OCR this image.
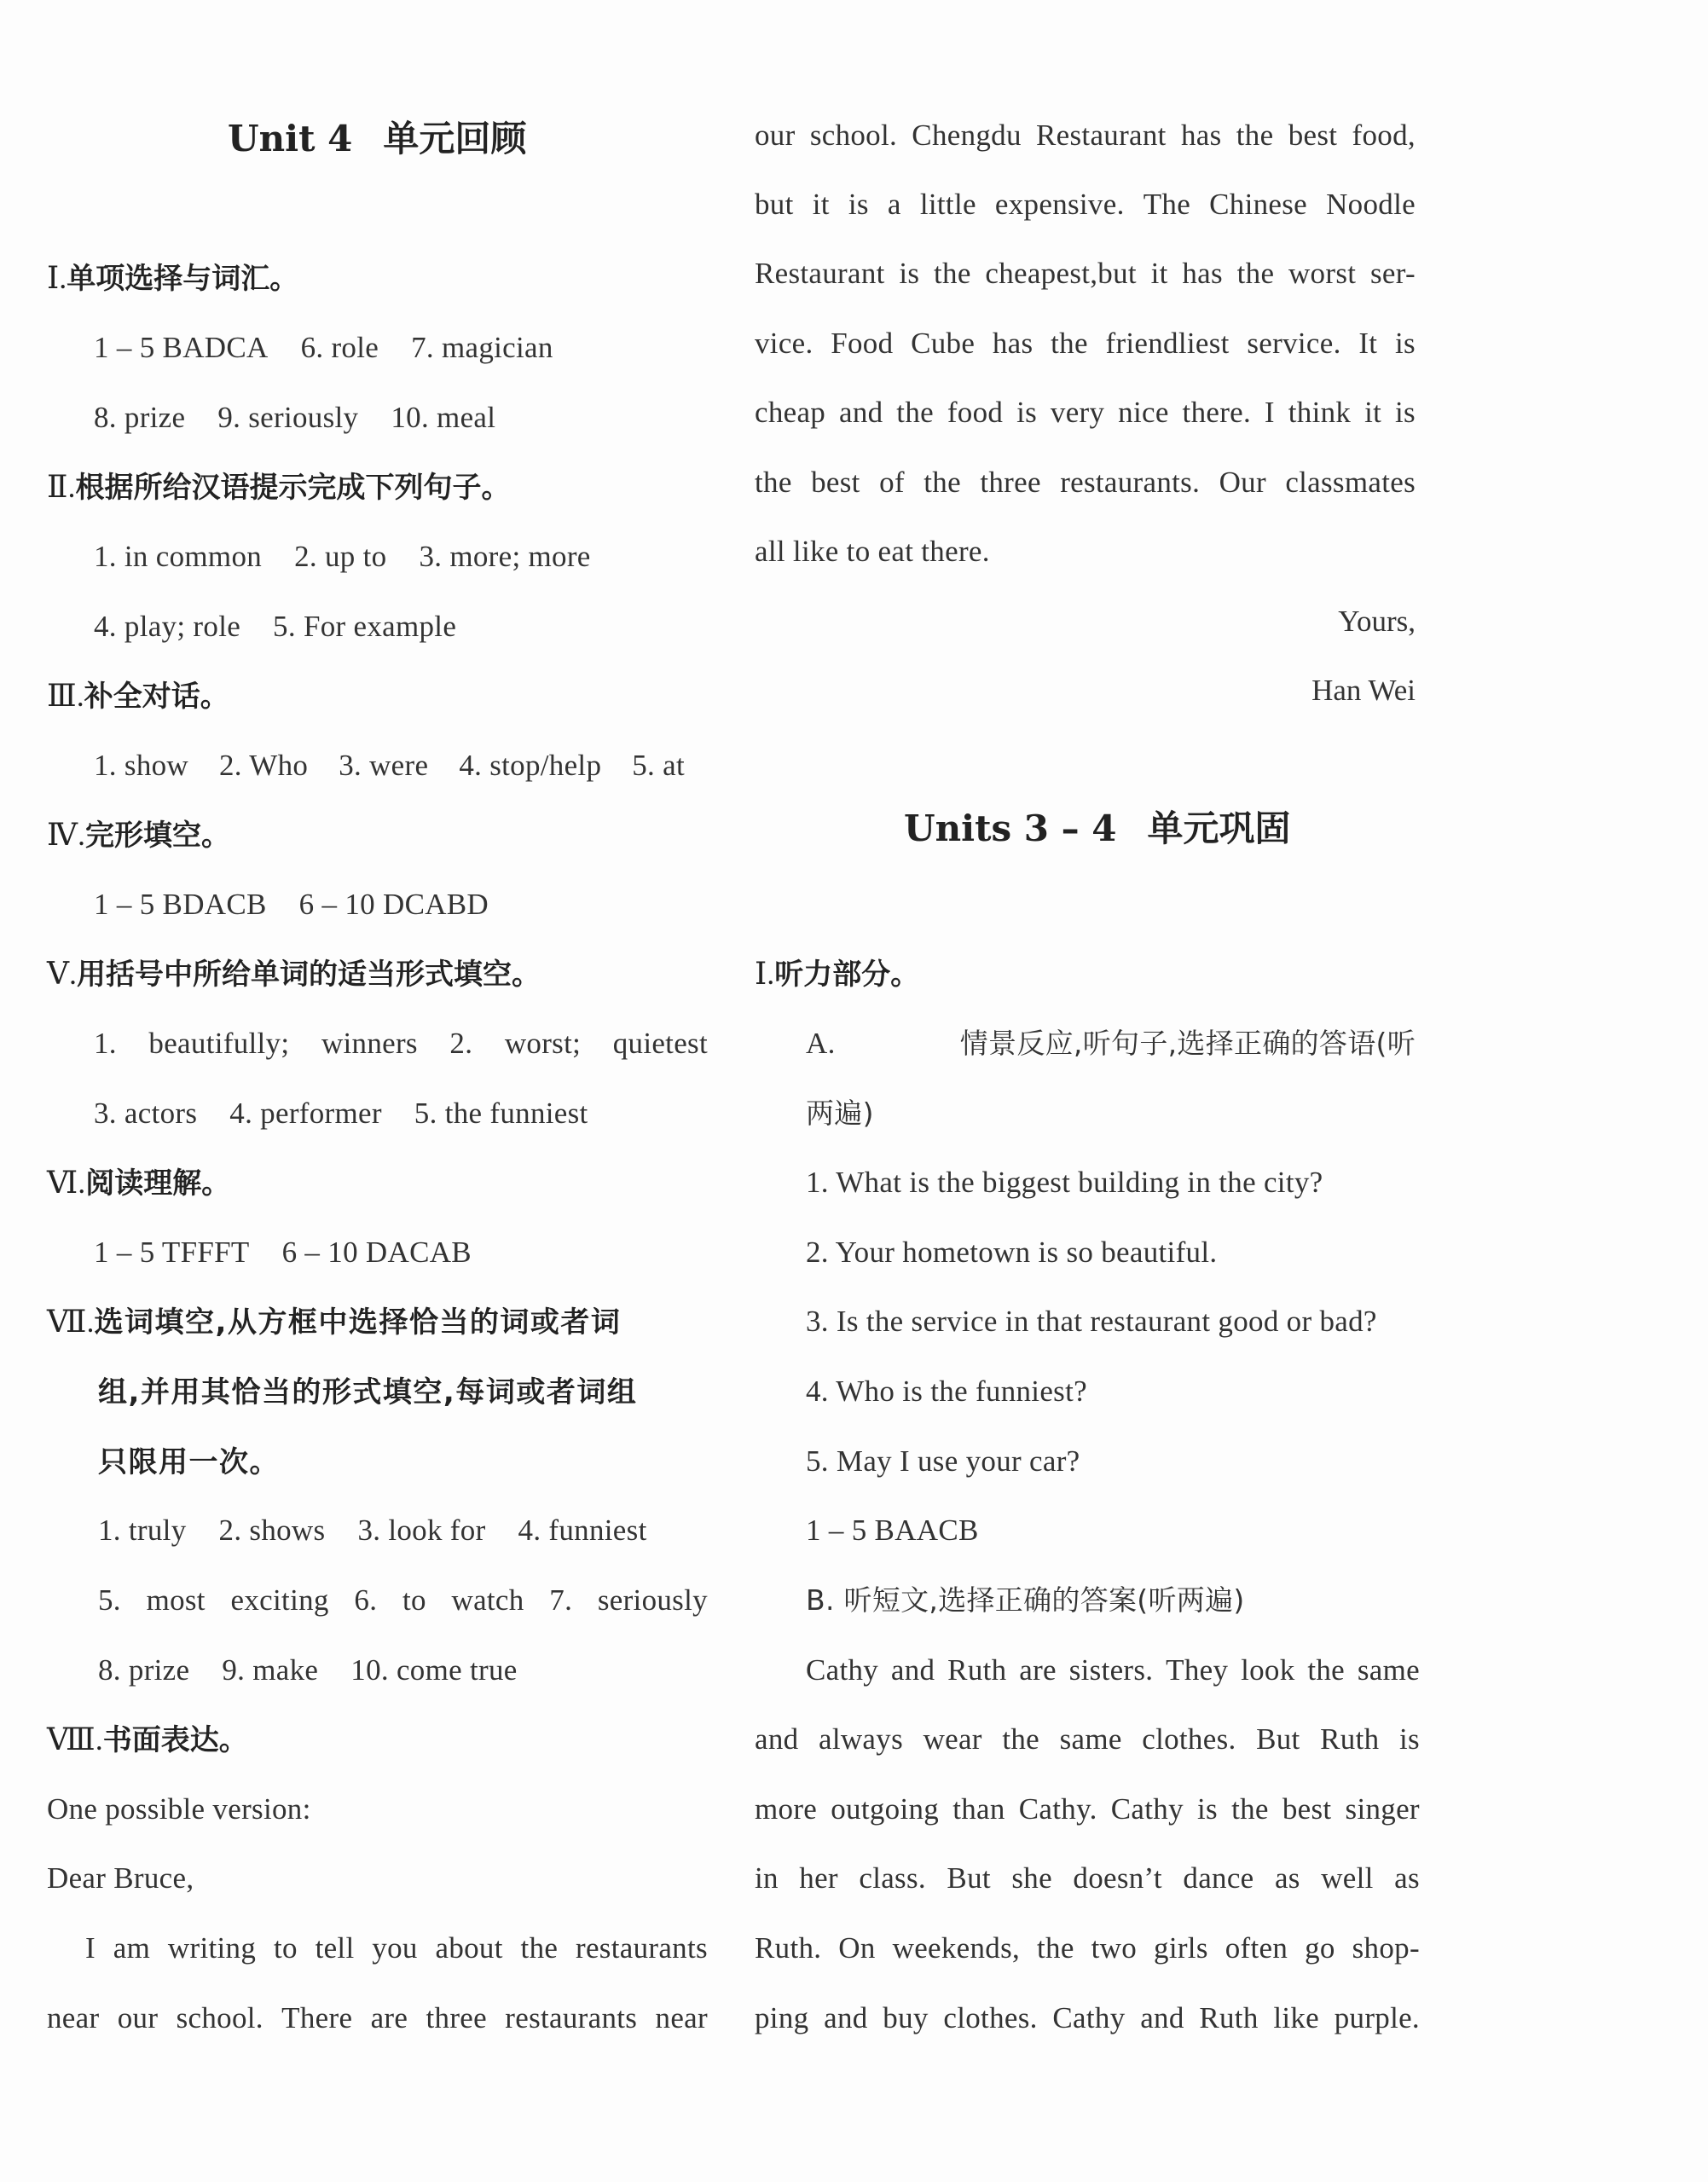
Unit 4 单元回顾
Ⅰ.单项选择与词汇。
1 – 5 BADCA 6. role 7. magician
8. prize 9. seriously 10. meal
Ⅱ.根据所给汉语提示完成下列句子。
1. in common 2. up to 3. more; more
4. play; role 5. For example
Ⅲ.补全对话。
1. show 2. Who 3. were 4. stop/help 5. at
Ⅳ.完形填空。
1 – 5 BDACB 6 – 10 DCABD
Ⅴ.用括号中所给单词的适当形式填空。
1. beautifully; winners 2. worst; quietest
3. actors 4. performer 5. the funniest
Ⅵ.阅读理解。
1 – 5 TFFFT 6 – 10 DACAB
Ⅶ.选词填空,从方框中选择恰当的词或者词
组,并用其恰当的形式填空,每词或者词组
只限用一次。
1. truly 2. shows 3. look for 4. funniest
5. most exciting 6. to watch 7. seriously
8. prize 9. make 10. come true
Ⅷ.书面表达。
One possible version:
Dear Bruce,
I am writing to tell you about the restaurants
near our school. There are three restaurants near
our school. Chengdu Restaurant has the best food,
but it is a little expensive. The Chinese Noodle
Restaurant is the cheapest,but it has the worst ser-
vice. Food Cube has the friendliest service. It is
cheap and the food is very nice there. I think it is
the best of the three restaurants. Our classmates
all like to eat there.
Yours,
Han Wei
Units 3 – 4 单元巩固
Ⅰ.听力部分。
A.	情景反应,听句子,选择正确的答语(听
两遍)
1. What is the biggest building in the city?
2. Your hometown is so beautiful.
3. Is the service in that restaurant good or bad?
4. Who is the funniest?
5. May I use your car?
1 – 5 BAACB
B. 听短文,选择正确的答案(听两遍)
Cathy and Ruth are sisters. They look the same
and always wear the same clothes. But Ruth is
more outgoing than Cathy. Cathy is the best singer
in her class. But she doesn’t dance as well as
Ruth. On weekends, the two girls often go shop-
ping and buy clothes. Cathy and Ruth like purple.
